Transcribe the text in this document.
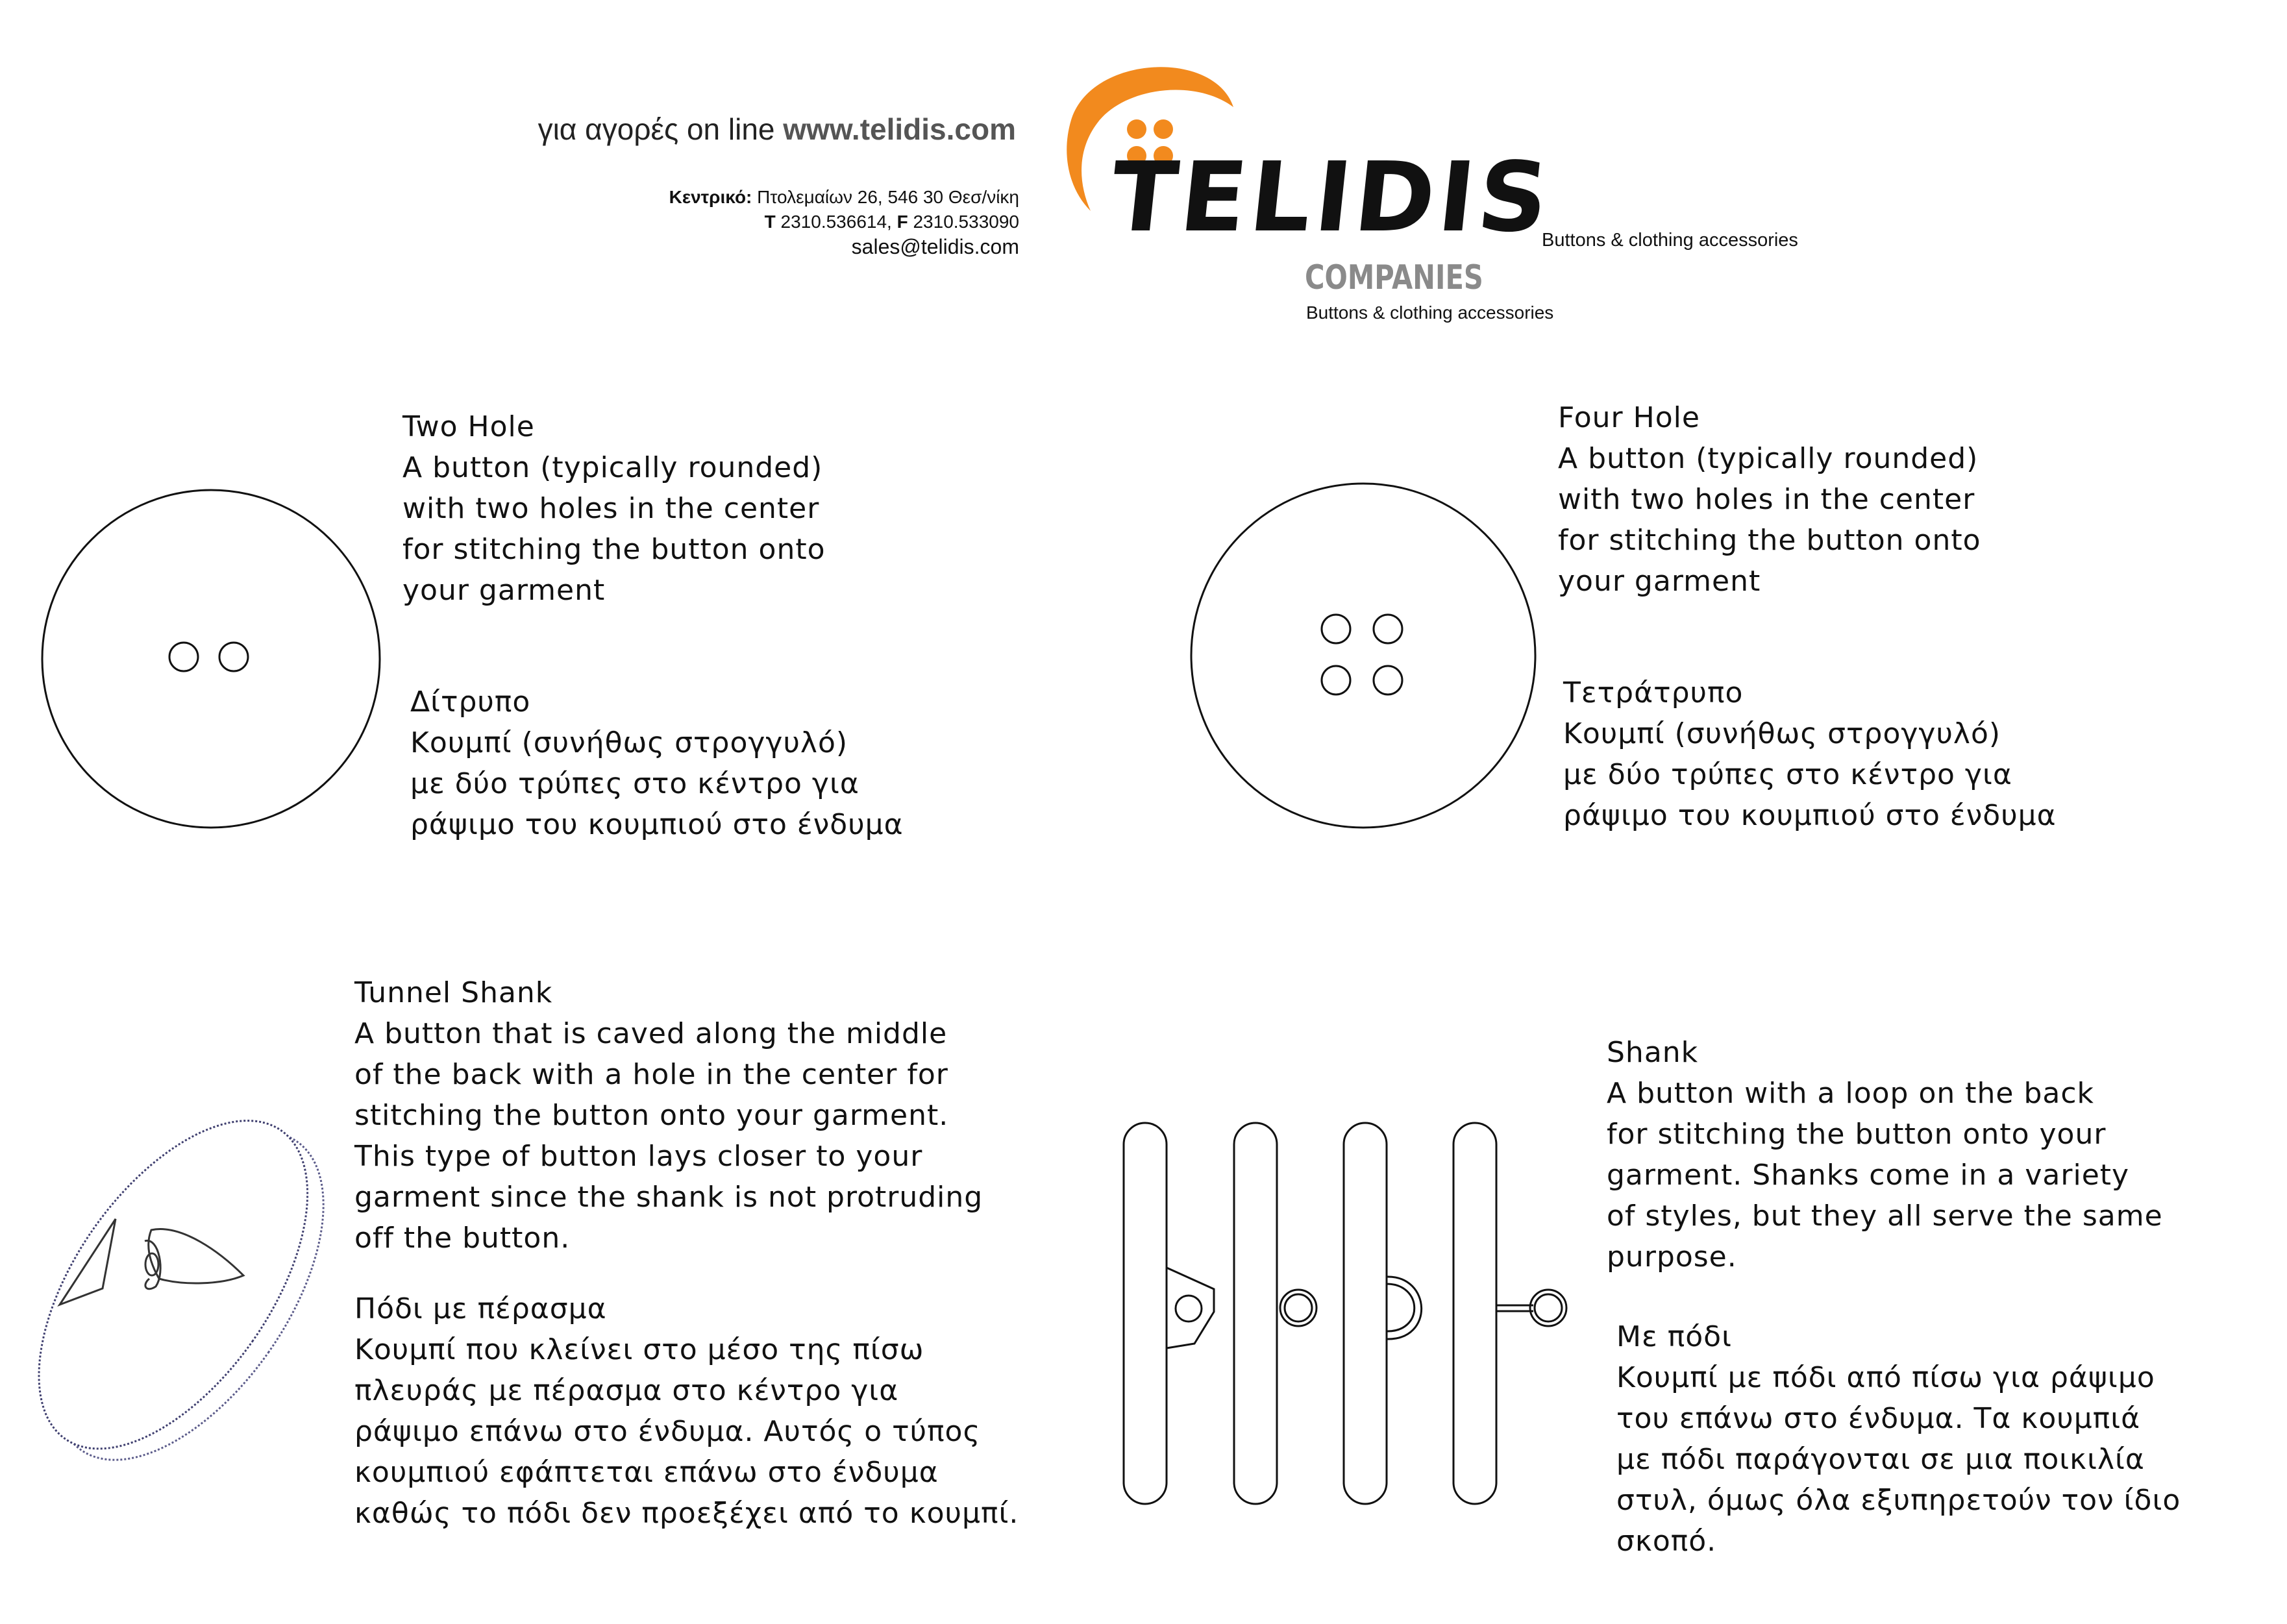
για αγορές on line www.telidis.com
Κεντρικό: Πτολεμαίων 26, 546 30 Θεσ/νίκη
T 2310.536614, F 2310.533090
sales@telidis.com TELIDIS
COMPANIES
Buttons & clothing accessories
Buttons & clothing accessories
Two Hole
A button (typically rounded)
with two holes in the center
for stitching the button onto
your garment
Δίτρυπο
Κουμπί (συνήθως στρογγυλό)
με δύο τρύπες στο κέντρο για
ράψιμο του κουμπιού στο ένδυμα
Four Hole
A button (typically rounded)
with two holes in the center
for stitching the button onto
your garment
Τετράτρυπο
Κουμπί (συνήθως στρογγυλό)
με δύο τρύπες στο κέντρο για
ράψιμο του κουμπιού στο ένδυμα
Tunnel Shank
A button that is caved along the middle
of the back with a hole in the center for
stitching the button onto your garment.
This type of button lays closer to your
garment since the shank is not protruding
off the button.
Πόδι με πέρασμα
Κουμπί που κλείνει στο μέσο της πίσω
πλευράς με πέρασμα στο κέντρο για
ράψιμο επάνω στο ένδυμα. Αυτός ο τύπος
κουμπιού εφάπτεται επάνω στο ένδυμα
καθώς το πόδι δεν προεξέχει από το κουμπί.
Shank
A button with a loop on the back
for stitching the button onto your
garment. Shanks come in a variety
of styles, but they all serve the same
purpose.
Με πόδι
Κουμπί με πόδι από πίσω για ράψιμο
του επάνω στο ένδυμα. Τα κουμπιά
με πόδι παράγονται σε μια ποικιλία
στυλ, όμως όλα εξυπηρετούν τον ίδιο
σκοπό.
